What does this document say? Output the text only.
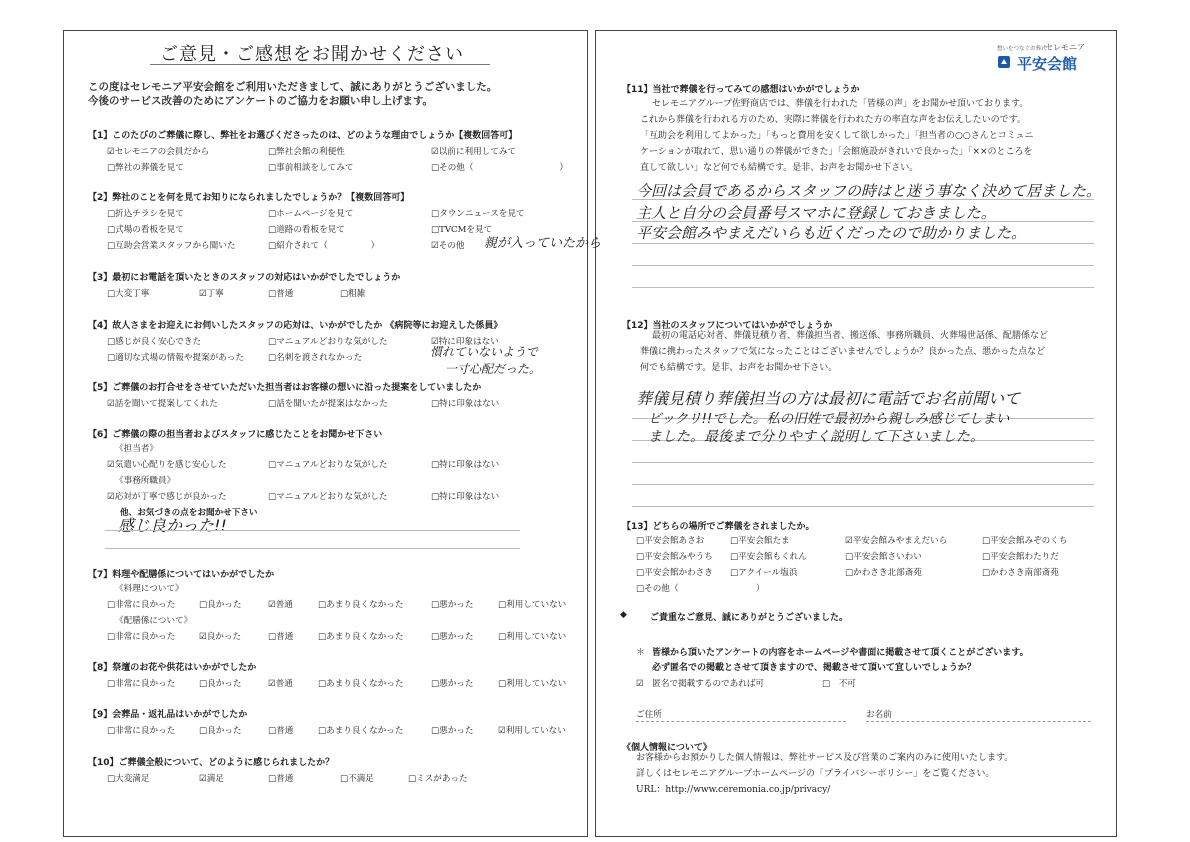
ご意見・ご感想をお聞かせください
この度はセレモニア平安会館をご利用いただきまして、誠にありがとうございました。
今後のサービス改善のためにアンケートのご協力をお願い申し上げます。
【1】このたびのご葬儀に際し、弊社をお選びくださったのは、どのような理由でしょうか【複数回答可】
☑セレモニアの会員だから	□弊社会館の利便性	☑以前に利用してみて
□弊社の葬儀を見て	□事前相談をしてみて	□その他（　　　　　　　　　　）
【2】弊社のことを何を見てお知りになられましたでしょうか？【複数回答可】
□折込チラシを見て	□ホームページを見て	□タウンニュースを見て
□式場の看板を見て	□道路の看板を見て	□TVCMを見て
□互助会営業スタッフから聞いた	□紹介されて（　　　　　）	☑その他 親が入っていたから
【3】最初にお電話を頂いたときのスタッフの対応はいかがでしたでしょうか
□大変丁寧	☑丁寧	□普通	□粗雑
【4】故人さまをお迎えにお伺いしたスタッフの応対は、いかがでしたか 《病院等にお迎えした係員》
□感じが良く安心できた	□マニュアルどおりな気がした	☑特に印象はない
□適切な式場の情報や提案があった	□名刺を渡されなかった	慣れていないようで
一寸心配だった。
【5】ご葬儀のお打合せをさせていただいた担当者はお客様の想いに沿った提案をしていましたか
☑話を聞いて提案してくれた	□話を聞いたが提案はなかった	□特に印象はない
【6】ご葬儀の際の担当者およびスタッフに感じたことをお聞かせ下さい
《担当者》
☑気遣い心配りを感じ安心した	□マニュアルどおりな気がした	□特に印象はない
《事務所職員》
☑応対が丁寧で感じが良かった	□マニュアルどおりな気がした	□特に印象はない
他、お気づきの点をお聞かせ下さい
感じ良かった!!
【7】料理や配膳係についてはいかがでしたか
《料理について》
□非常に良かった	□良かった	☑普通	□あまり良くなかった	□悪かった	□利用していない
《配膳係について》
□非常に良かった	☑良かった	□普通	□あまり良くなかった	□悪かった	□利用していない
【8】祭壇のお花や供花はいかがでしたか
□非常に良かった	□良かった	☑普通	□あまり良くなかった	□悪かった	□利用していない
【9】会葬品・返礼品はいかがでしたか
□非常に良かった	□良かった	□普通	□あまり良くなかった	□悪かった	☑利用していない
【10】ご葬儀全般について、どのように感じられましたか？
□大変満足	☑満足	□普通	□不満足	□ミスがあった
想いをつなぐお葬式
セレモニア
平安会館
【11】当社で葬儀を行ってみての感想はいかがでしょうか
セレモニアグループ佐野商店では、葬儀を行われた「皆様の声」をお聞かせ頂いております。
これから葬儀を行われる方のため、実際に葬儀を行われた方の率直な声をお伝えしたいのです。
「互助会を利用してよかった」「もっと費用を安くして欲しかった」「担当者の○○さんとコミュニ
ケーションが取れて、思い通りの葬儀ができた」「会館施設がきれいで良かった」「××のところを
直して欲しい」など何でも結構です。是非、お声をお聞かせ下さい。
今回は会員であるからスタッフの時はと迷う事なく決めて居ました。
主人と自分の会員番号スマホに登録しておきました。
平安会館みやまえだいらも近くだったので助かりました。
【12】当社のスタッフについてはいかがでしょうか
最初の電話応対者、葬儀見積り者、葬儀担当者、搬送係、事務所職員、火葬場世話係、配膳係など
葬儀に携わったスタッフで気になったことはございませんでしょうか？良かった点、悪かった点など
何でも結構です。是非、お声をお聞かせ下さい。
葬儀見積り葬儀担当の方は最初に電話でお名前聞いて
ビックリ!!でした。私の旧姓で最初から親しみ感じてしまい
ました。最後まで分りやすく説明して下さいました。
【13】どちらの場所でご葬儀をされましたか。
□平安会館あさお	□平安会館たま	☑平安会館みやまえだいら	□平安会館みぞのくち
□平安会館みやうち □平安会館もくれん	□平安会館さいわい	□平安会館わたりだ
□平安会館かわさき □アクイール塩浜	□かわさき北部斎苑	□かわさき南部斎苑
□その他（　　　　　　　　　）
◆	ご貴重なご意見、誠にありがとうございました。
＊ 皆様から頂いたアンケートの内容をホームページや書面に掲載させて頂くことがございます。
必ず匿名での掲載とさせて頂きますので、掲載させて頂いて宜しいでしょうか？
☑　匿名で掲載するのであれば可	□　不可
ご住所	お名前
《個人情報について》
お客様からお預かりした個人情報は、弊社サービス及び営業のご案内のみに使用いたします。
詳しくはセレモニアグループホームページの「プライバシーポリシー」をご覧ください。
URL：http://www.ceremonia.co.jp/privacy/
